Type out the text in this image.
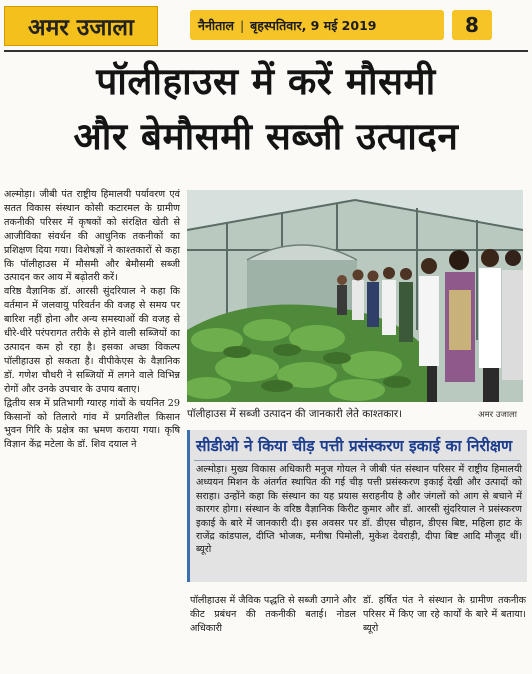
अमर उजाला	नैनीताल | बृहस्पतिवार, 9 मई 2019	8
पॉलीहाउस में करें मौसमी
और बेमौसमी सब्जी उत्पादन

अल्मोड़ा। जीबी पंत राष्ट्रीय हिमालयी पर्यावरण एवं सतत विकास संस्थान कोसी कटारमल के ग्रामीण तकनीकी परिसर में कृषकों को संरक्षित खेती से आजीविका संवर्धन की आधुनिक तकनीकों का प्रशिक्षण दिया गया। विशेषज्ञों ने काश्तकारों से कहा कि पॉलीहाउस में मौसमी और बेमौसमी सब्जी उत्पादन कर आय में बढ़ोतरी करें।

वरिष्ठ वैज्ञानिक डॉ. आरसी सुंदरियाल ने कहा कि वर्तमान में जलवायु परिवर्तन की वजह से समय पर बारिश नहीं होना और अन्य समस्याओं की वजह से धीरे-धीरे परंपरागत तरीके से होने वाली सब्जियों का उत्पादन कम हो रहा है। इसका अच्छा विकल्प पॉलीहाउस हो सकता है। वीपीकेएस के वैज्ञानिक डॉ. गणेश चौधरी ने सब्जियों में लगने वाले विभिन्न रोगों और उनके उपचार के उपाय बताए।

द्वितीय सत्र में प्रतिभागी ग्यारह गांवों के चयनित 29 किसानों को तिलारो गांव में प्रगतिशील किसान भुवन गिरि के प्रक्षेत्र का भ्रमण कराया गया। कृषि विज्ञान केंद्र मटेला के डॉ. शिव दयाल ने

पॉलीहाउस में सब्जी उत्पादन की जानकारी लेते काश्तकार।	अमर उजाला
सीडीओ ने किया चीड़ पत्ती प्रसंस्करण इकाई का निरीक्षण
अल्मोड़ा। मुख्य विकास अधिकारी मनुज गोयल ने जीबी पंत संस्थान परिसर में राष्ट्रीय हिमालयी अध्ययन मिशन के अंतर्गत स्थापित की गई चीड़ पत्ती प्रसंस्करण इकाई देखी और उत्पादों को सराहा। उन्होंने कहा कि संस्थान का यह प्रयास सराहनीय है और जंगलों को आग से बचाने में कारगर होगा। संस्थान के वरिष्ठ वैज्ञानिक किरीट कुमार और डॉ. आरसी सुंदरियाल ने प्रसंस्करण इकाई के बारे में जानकारी दी। इस अवसर पर डॉ. डीएस चौहान, डीएस बिष्ट, महिला हाट के राजेंद्र कांडपाल, दीप्ति भोजक, मनीषा पिमोली, मुकेश देवराड़ी, दीपा बिष्ट आदि मौजूद थीं। ब्यूरो
पॉलीहाउस में जैविक पद्धति से सब्जी उगाने और कीट प्रबंधन की तकनीकी बताई। नोडल अधिकारी
डॉ. हर्षित पंत ने संस्थान के ग्रामीण तकनीक परिसर में किए जा रहे कार्यों के बारे में बताया।ब्यूरो
